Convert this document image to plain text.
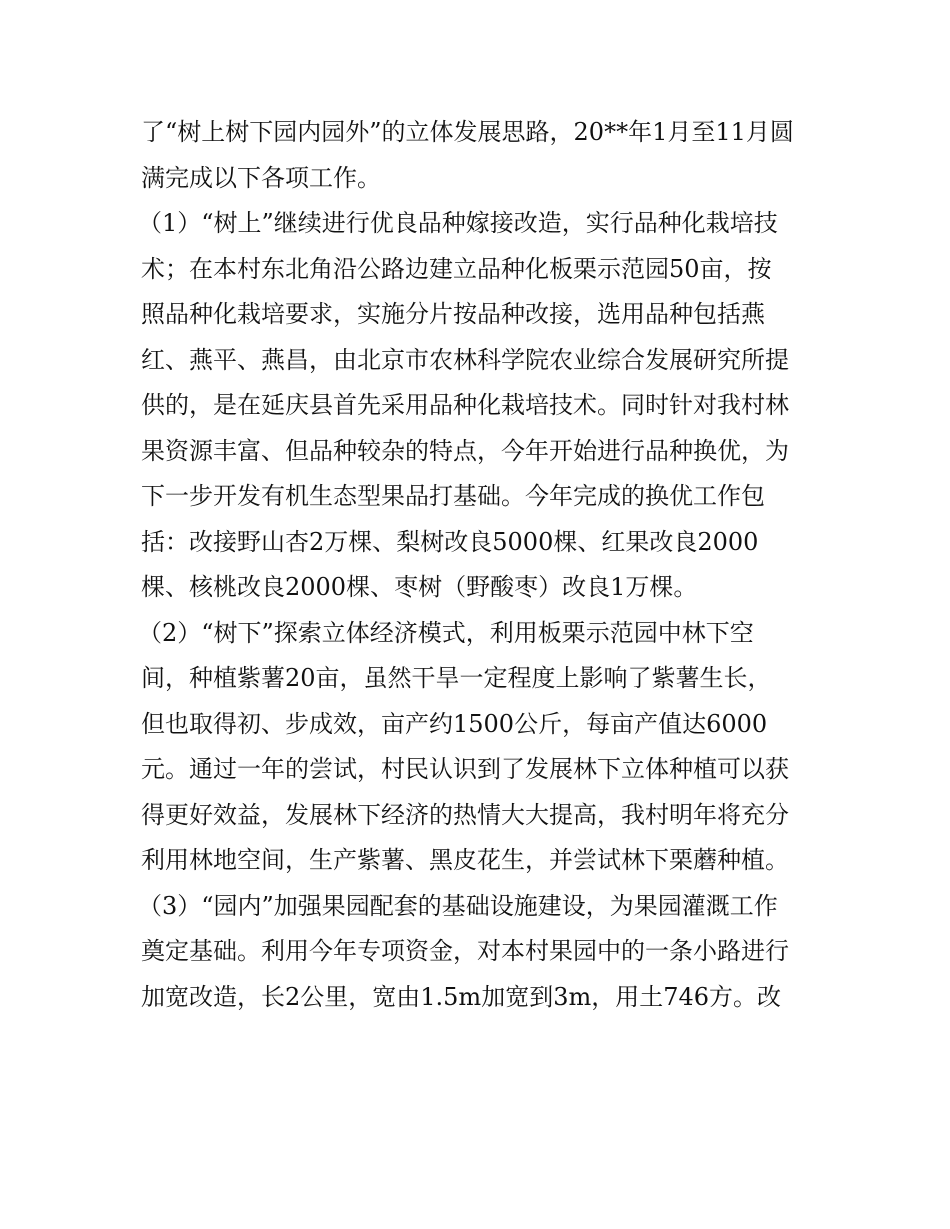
了“树上树下园内园外”的立体发展思路，20**年1月至11月圆
满完成以下各项工作。
（1）“树上”继续进行优良品种嫁接改造，实行品种化栽培技
术；在本村东北角沿公路边建立品种化板栗示范园50亩，按
照品种化栽培要求，实施分片按品种改接，选用品种包括燕
红、燕平、燕昌，由北京市农林科学院农业综合发展研究所提
供的，是在延庆县首先采用品种化栽培技术。同时针对我村林
果资源丰富、但品种较杂的特点，今年开始进行品种换优，为
下一步开发有机生态型果品打基础。今年完成的换优工作包
括：改接野山杏2万棵、梨树改良5000棵、红果改良2000
棵、核桃改良2000棵、枣树（野酸枣）改良1万棵。
（2）“树下”探索立体经济模式，利用板栗示范园中林下空
间，种植紫薯20亩，虽然干旱一定程度上影响了紫薯生长，
但也取得初、步成效，亩产约1500公斤，每亩产值达6000
元。通过一年的尝试，村民认识到了发展林下立体种植可以获
得更好效益，发展林下经济的热情大大提高，我村明年将充分
利用林地空间，生产紫薯、黑皮花生，并尝试林下栗蘑种植。
（3）“园内”加强果园配套的基础设施建设，为果园灌溉工作
奠定基础。利用今年专项资金，对本村果园中的一条小路进行
加宽改造，长2公里，宽由1.5m加宽到3m，用土746方。改
